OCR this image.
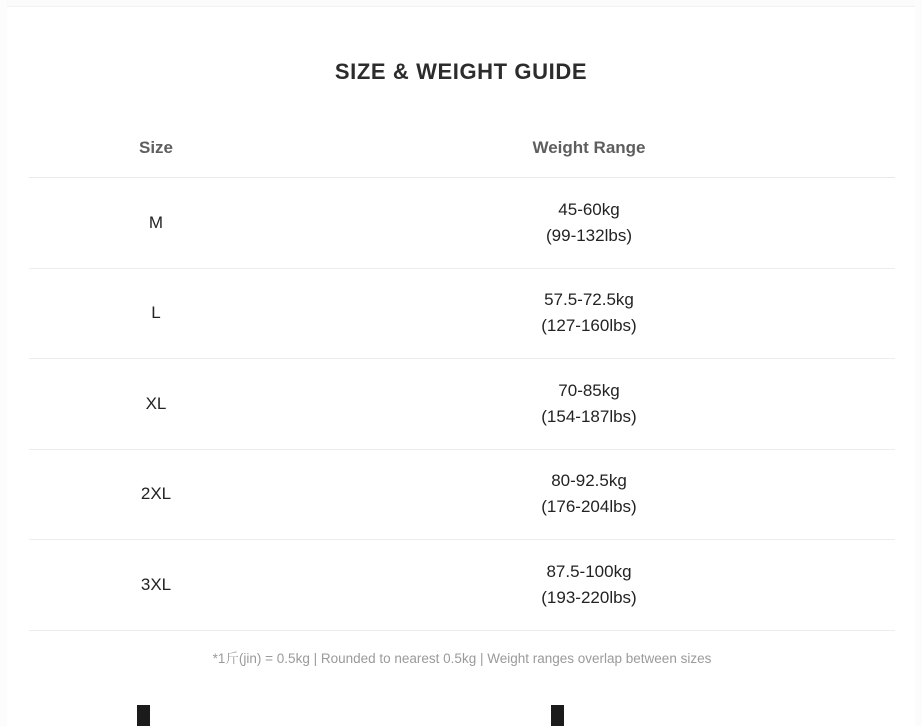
SIZE & WEIGHT GUIDE
Size	Weight Range
M
45-60kg
(99-132lbs)
L
57.5-72.5kg
(127-160lbs)
XL
70-85kg
(154-187lbs)
2XL
80-92.5kg
(176-204lbs)
3XL
87.5-100kg
(193-220lbs)
*1斤(jin) = 0.5kg | Rounded to nearest 0.5kg | Weight ranges overlap between sizes
